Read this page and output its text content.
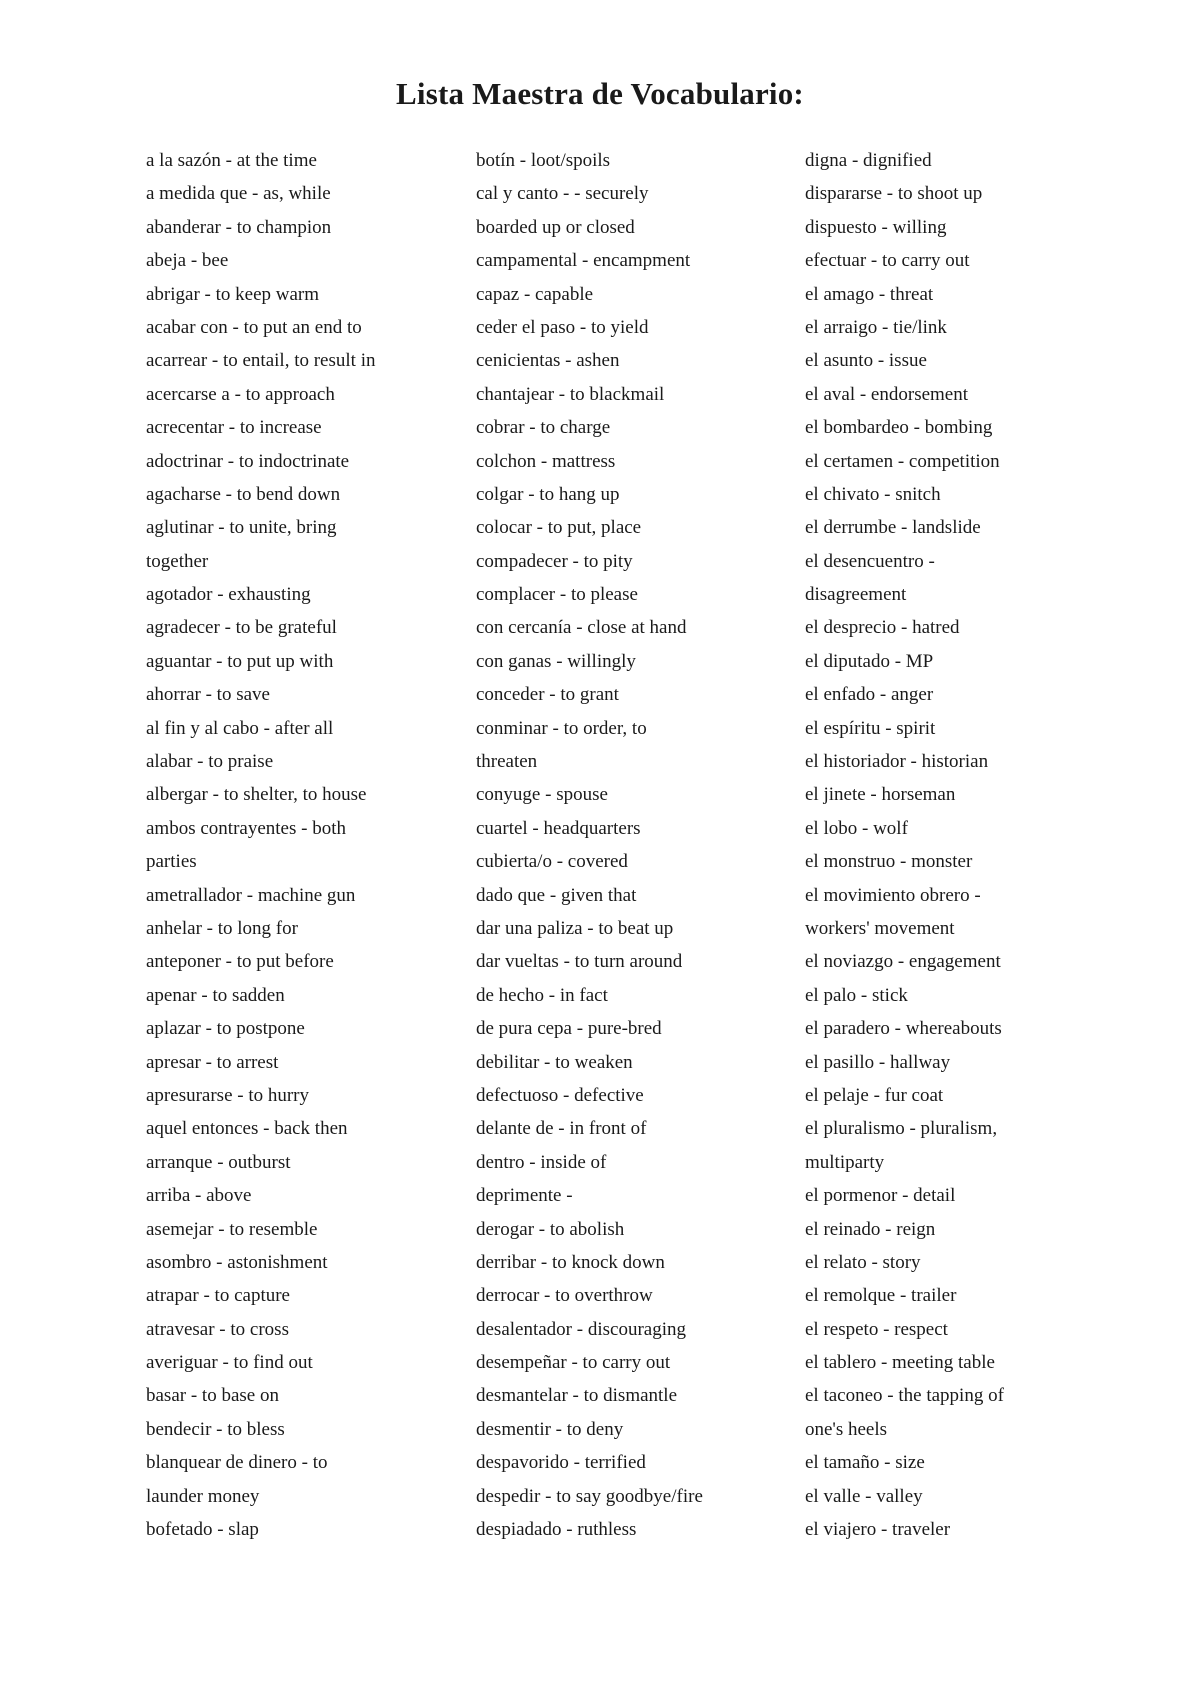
Lista Maestra de Vocabulario:
a la sazón - at the time
a medida que - as, while
abanderar - to champion
abeja - bee
abrigar - to keep warm
acabar con - to put an end to
acarrear - to entail, to result in
acercarse a - to approach
acrecentar - to increase
adoctrinar - to indoctrinate
agacharse - to bend down
aglutinar - to unite, bring
together
agotador - exhausting
agradecer - to be grateful
aguantar - to put up with
ahorrar - to save
al fin y al cabo - after all
alabar - to praise
albergar - to shelter, to house
ambos contrayentes - both
parties
ametrallador - machine gun
anhelar - to long for
anteponer - to put before
apenar - to sadden
aplazar - to postpone
apresar - to arrest
apresurarse - to hurry
aquel entonces - back then
arranque - outburst
arriba - above
asemejar - to resemble
asombro - astonishment
atrapar - to capture
atravesar - to cross
averiguar - to find out
basar - to base on
bendecir - to bless
blanquear de dinero - to
launder money
bofetado - slap
botín - loot/spoils
cal y canto - - securely
boarded up or closed
campamental - encampment
capaz - capable
ceder el paso - to yield
cenicientas - ashen
chantajear - to blackmail
cobrar - to charge
colchon - mattress
colgar - to hang up
colocar - to put, place
compadecer - to pity
complacer - to please
con cercanía - close at hand
con ganas - willingly
conceder - to grant
conminar - to order, to
threaten
conyuge - spouse
cuartel - headquarters
cubierta/o - covered
dado que - given that
dar una paliza - to beat up
dar vueltas - to turn around
de hecho - in fact
de pura cepa - pure-bred
debilitar - to weaken
defectuoso - defective
delante de - in front of
dentro - inside of
deprimente -
derogar - to abolish
derribar - to knock down
derrocar - to overthrow
desalentador - discouraging
desempeñar - to carry out
desmantelar - to dismantle
desmentir - to deny
despavorido - terrified
despedir - to say goodbye/fire
despiadado - ruthless
digna - dignified
dispararse - to shoot up
dispuesto - willing
efectuar - to carry out
el amago - threat
el arraigo - tie/link
el asunto - issue
el aval - endorsement
el bombardeo - bombing
el certamen - competition
el chivato - snitch
el derrumbe - landslide
el desencuentro -
disagreement
el desprecio - hatred
el diputado - MP
el enfado - anger
el espíritu - spirit
el historiador - historian
el jinete - horseman
el lobo - wolf
el monstruo - monster
el movimiento obrero -
workers' movement
el noviazgo - engagement
el palo - stick
el paradero - whereabouts
el pasillo - hallway
el pelaje - fur coat
el pluralismo - pluralism,
multiparty
el pormenor - detail
el reinado - reign
el relato - story
el remolque - trailer
el respeto - respect
el tablero - meeting table
el taconeo - the tapping of
one's heels
el tamaño - size
el valle - valley
el viajero - traveler
